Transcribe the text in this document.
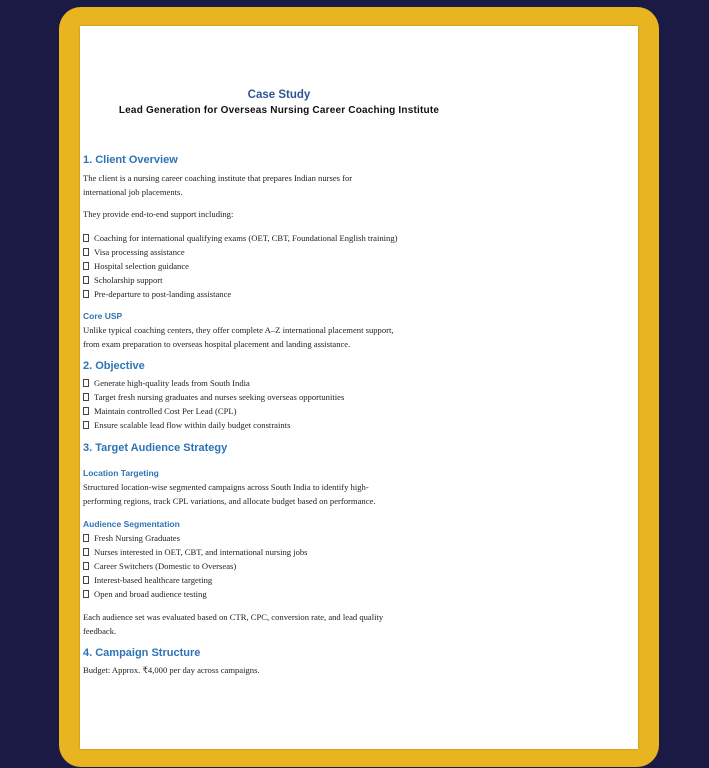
Case Study
Lead Generation for Overseas Nursing Career Coaching Institute
1. Client Overview
The client is a nursing career coaching institute that prepares Indian nurses for
international job placements.
They provide end-to-end support including:
Coaching for international qualifying exams (OET, CBT, Foundational English training)
Visa processing assistance
Hospital selection guidance
Scholarship support
Pre-departure to post-landing assistance
Core USP
Unlike typical coaching centers, they offer complete A–Z international placement support,
from exam preparation to overseas hospital placement and landing assistance.
2. Objective
Generate high-quality leads from South India
Target fresh nursing graduates and nurses seeking overseas opportunities
Maintain controlled Cost Per Lead (CPL)
Ensure scalable lead flow within daily budget constraints
3. Target Audience Strategy
Location Targeting
Structured location-wise segmented campaigns across South India to identify high-
performing regions, track CPL variations, and allocate budget based on performance.
Audience Segmentation
Fresh Nursing Graduates
Nurses interested in OET, CBT, and international nursing jobs
Career Switchers (Domestic to Overseas)
Interest-based healthcare targeting
Open and broad audience testing
Each audience set was evaluated based on CTR, CPC, conversion rate, and lead quality
feedback.
4. Campaign Structure
Budget: Approx. ₹4,000 per day across campaigns.
